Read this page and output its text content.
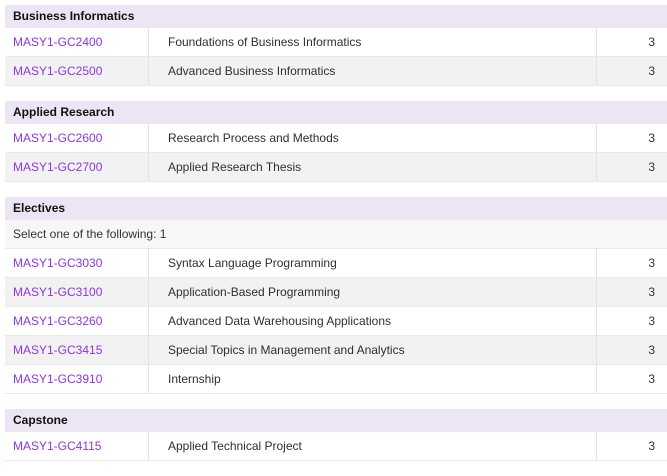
Business Informatics
MASY1-GC2400	Foundations of Business Informatics	3
MASY1-GC2500	Advanced Business Informatics	3
Applied Research
MASY1-GC2600	Research Process and Methods	3
MASY1-GC2700	Applied Research Thesis	3
Electives
Select one of the following: 1
MASY1-GC3030	Syntax Language Programming	3
MASY1-GC3100	Application-Based Programming	3
MASY1-GC3260	Advanced Data Warehousing Applications	3
MASY1-GC3415	Special Topics in Management and Analytics	3
MASY1-GC3910	Internship	3
Capstone
MASY1-GC4115	Applied Technical Project	3
